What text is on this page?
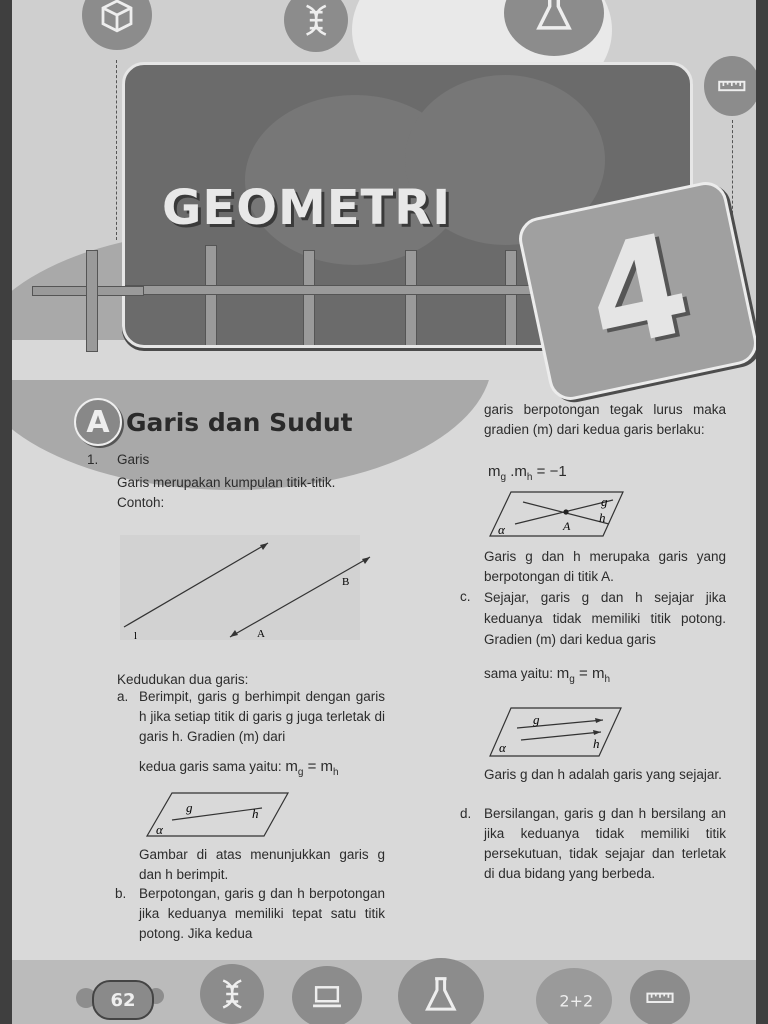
GEOMETRI 4
A Garis dan Sudut
1. Garis
Garis merupakan kumpulan titik-titik.
Contoh:
l
B
A
Kedudukan dua garis:
a. Berimpit, garis g berhimpit dengan garis h jika setiap titik di garis g juga terletak di garis h. Gradien (m) dari
kedua garis sama yaitu: $m_g = m_h$
g	h
α
Gambar di atas menunjukkan garis g dan h berimpit.
b. Berpotongan, garis g dan h berpotongan jika keduanya memiliki tepat satu titik potong. Jika kedua
garis berpotongan tegak lurus maka gradien (m) dari kedua garis berlaku:
$m_g$ $.m_h = -1$
g
h
A
α
Garis g dan h merupaka garis yang berpotongan di titik A.
c. Sejajar, garis g dan h sejajar jika keduanya tidak memiliki titik potong. Gradien (m) dari kedua garis
sama yaitu: $m_g = m_h$
g
h
α
Garis g dan h adalah garis yang sejajar.
d. Bersilangan, garis g dan h bersilang an jika keduanya tidak memiliki titik persekutuan, tidak sejajar dan terletak di dua bidang yang berbeda.
62	2+2
